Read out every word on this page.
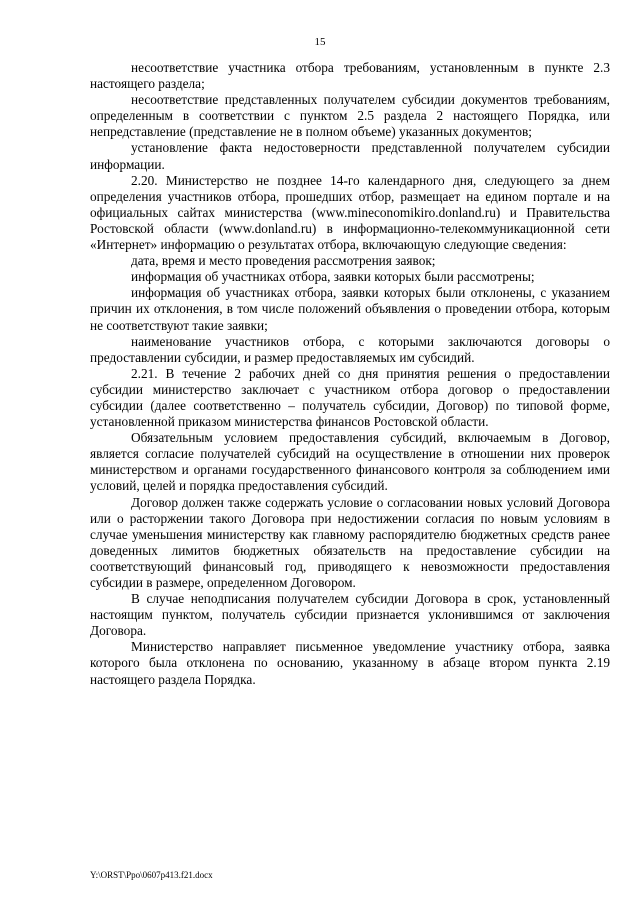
15

несоответствие участника отбора требованиям, установленным в пункте 2.3 настоящего раздела;

несоответствие представленных получателем субсидии документов требованиям, определенным в соответствии с пунктом 2.5 раздела 2 настоящего Порядка, или непредставление (представление не в полном объеме) указанных документов;

установление факта недостоверности представленной получателем субсидии информации.

2.20. Министерство не позднее 14-го календарного дня, следующего за днем определения участников отбора, прошедших отбор, размещает на едином портале и на официальных сайтах министерства (www.mineconomikiro.donland.ru) и Правительства Ростовской области (www.donland.ru) в информационно-телекоммуникационной сети «Интернет» информацию о результатах отбора, включающую следующие сведения:

дата, время и место проведения рассмотрения заявок;

информация об участниках отбора, заявки которых были рассмотрены;

информация об участниках отбора, заявки которых были отклонены, с указанием причин их отклонения, в том числе положений объявления о проведении отбора, которым не соответствуют такие заявки;

наименование участников отбора, с которыми заключаются договоры о предоставлении субсидии, и размер предоставляемых им субсидий.

2.21. В течение 2 рабочих дней со дня принятия решения о предоставлении субсидии министерство заключает с участником отбора договор о предоставлении субсидии (далее соответственно – получатель субсидии, Договор) по типовой форме, установленной приказом министерства финансов Ростовской области.

Обязательным условием предоставления субсидий, включаемым в Договор, является согласие получателей субсидий на осуществление в отношении них проверок министерством и органами государственного финансового контроля за соблюдением ими условий, целей и порядка предоставления субсидий.

Договор должен также содержать условие о согласовании новых условий Договора или о расторжении такого Договора при недостижении согласия по новым условиям в случае уменьшения министерству как главному распорядителю бюджетных средств ранее доведенных лимитов бюджетных обязательств на предоставление субсидии на соответствующий финансовый год, приводящего к невозможности предоставления субсидии в размере, определенном Договором.

В случае неподписания получателем субсидии Договора в срок, установленный настоящим пунктом, получатель субсидии признается уклонившимся от заключения Договора.

Министерство направляет письменное уведомление участнику отбора, заявка которого была отклонена по основанию, указанному в абзаце втором пункта 2.19 настоящего раздела Порядка.

Y:\ORST\Ppo\0607p413.f21.docx
